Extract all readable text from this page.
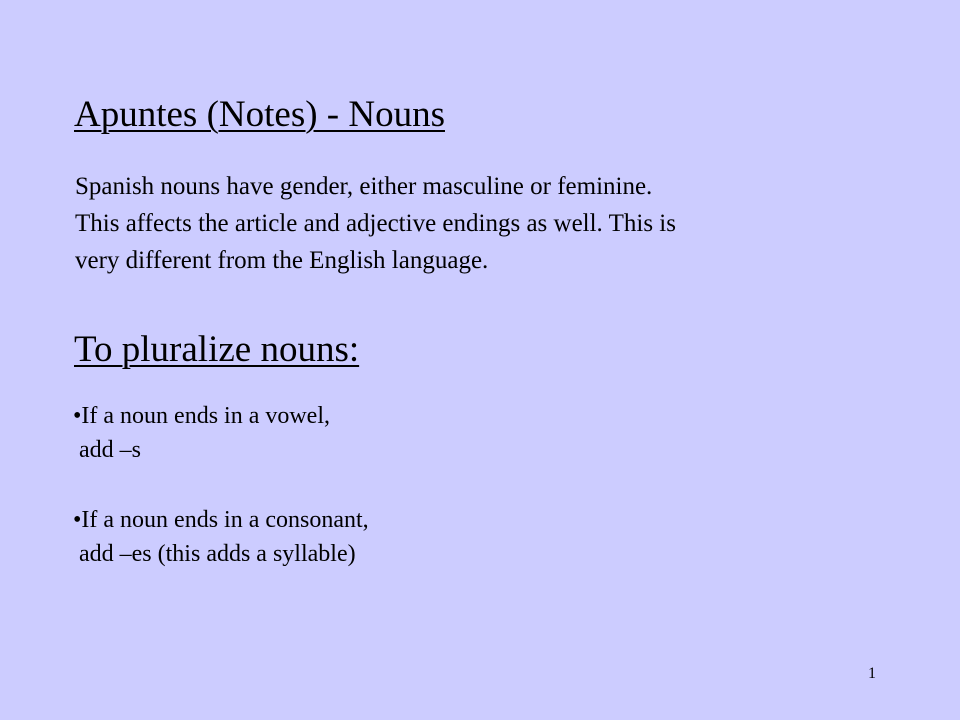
Apuntes (Notes) - Nouns

Spanish nouns have gender, either masculine or feminine.
This affects the article and adjective endings as well. This is
very different from the English language.

To pluralize nouns:
•If a noun ends in a vowel,
add –s
•If a noun ends in a consonant,
add –es (this adds a syllable)
1
